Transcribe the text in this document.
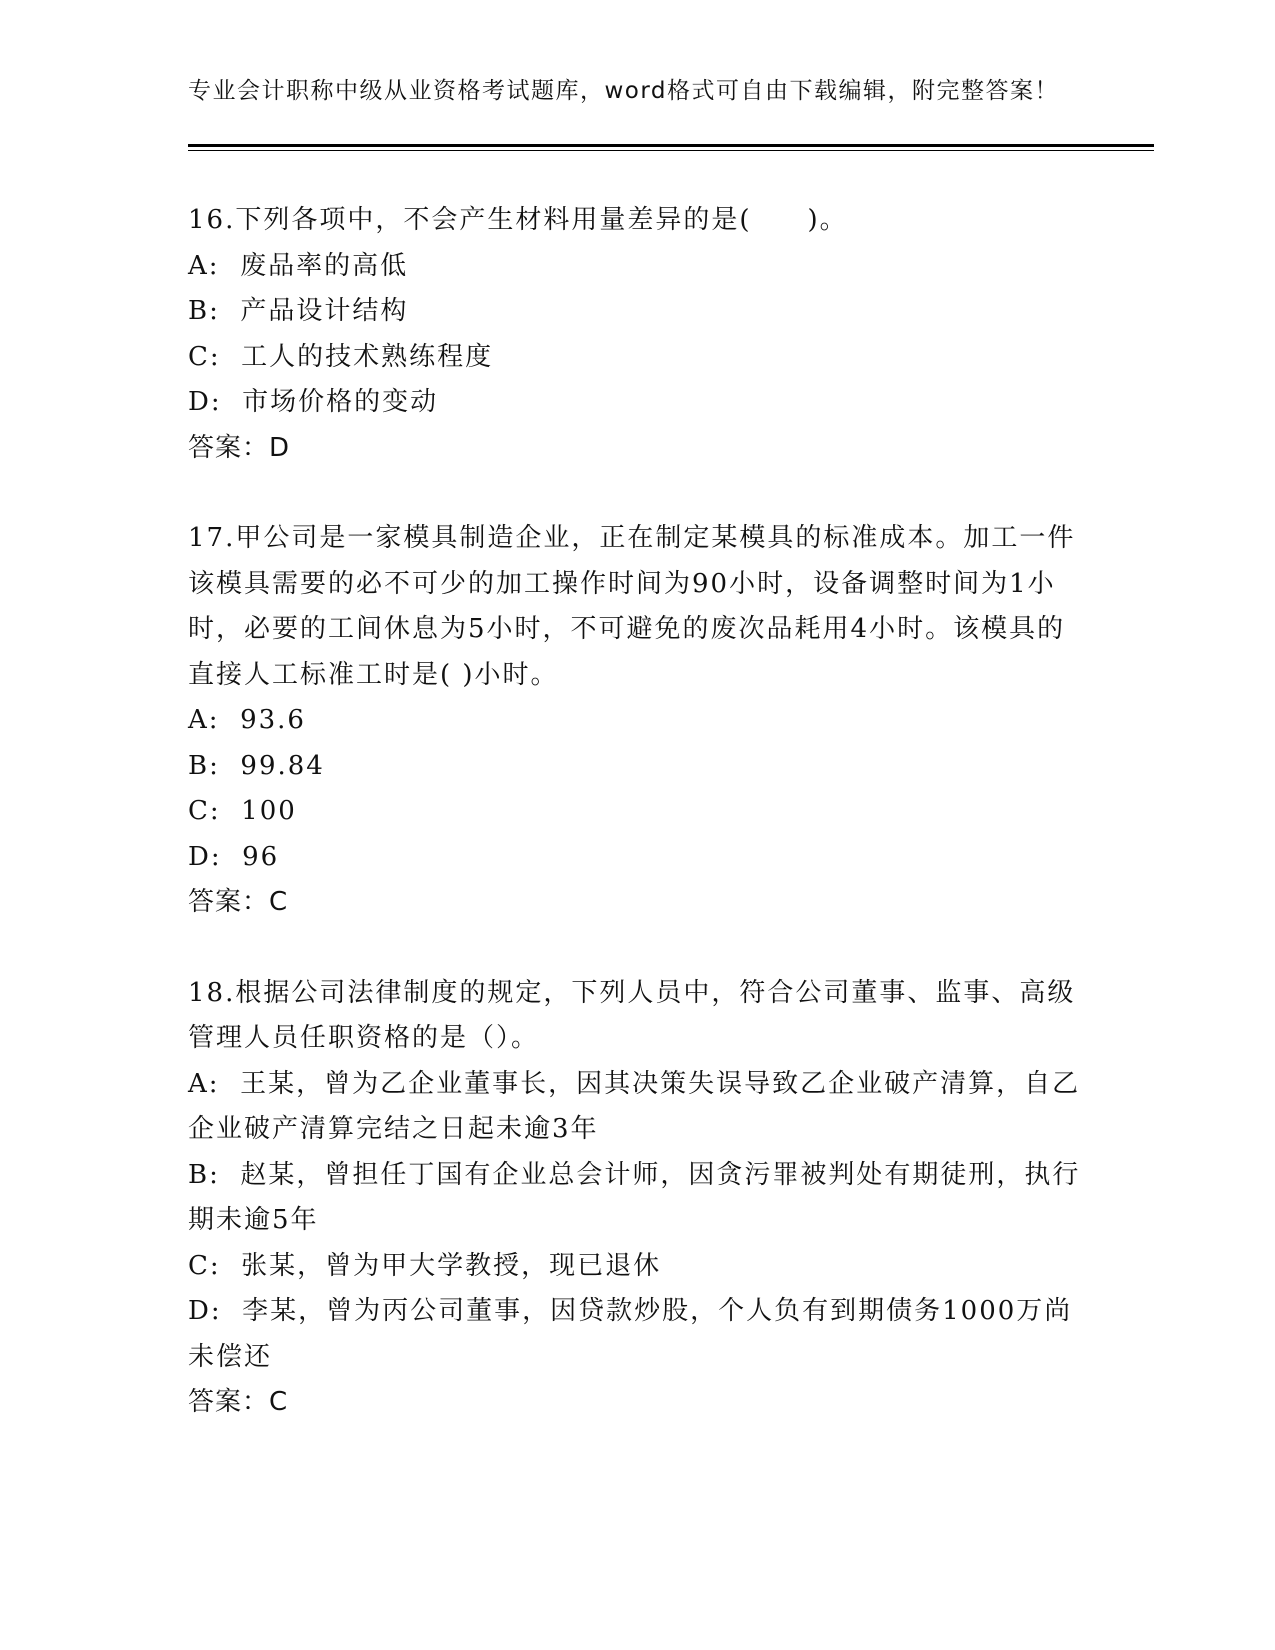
专业会计职称中级从业资格考试题库，word格式可自由下载编辑，附完整答案！
16.下列各项中，不会产生材料用量差异的是(　　)。
A:  废品率的高低
B:  产品设计结构
C:  工人的技术熟练程度
D:  市场价格的变动
答案：D
17.甲公司是一家模具制造企业，正在制定某模具的标准成本。加工一件该模具需要的必不可少的加工操作时间为90小时，设备调整时间为1小时，必要的工间休息为5小时，不可避免的废次品耗用4小时。该模具的直接人工标准工时是( )小时。
A:  93.6
B:  99.84
C:  100
D:  96
答案：C
18.根据公司法律制度的规定，下列人员中，符合公司董事、监事、高级管理人员任职资格的是（）。
A:  王某，曾为乙企业董事长，因其决策失误导致乙企业破产清算，自乙企业破产清算完结之日起未逾3年
B:  赵某，曾担任丁国有企业总会计师，因贪污罪被判处有期徒刑，执行期未逾5年
C:  张某，曾为甲大学教授，现已退休
D:  李某，曾为丙公司董事，因贷款炒股，个人负有到期债务1000万尚未偿还
答案：C
